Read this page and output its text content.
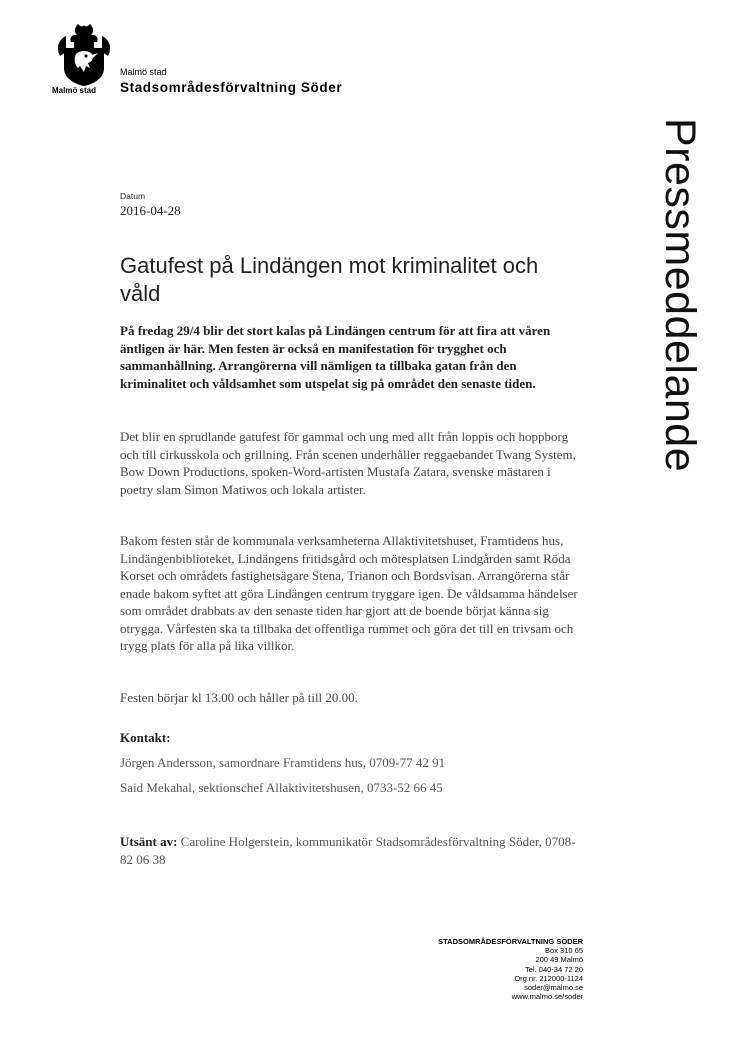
Malmö stad
Malmö stad
Stadsområdesförvaltning Söder
Pressmeddelande
Datum
2016-04-28
Gatufest på Lindängen mot kriminalitet och våld

På fredag 29/4 blir det stort kalas på Lindängen centrum för att fira att våren äntligen är här. Men festen är också en manifestation för trygghet och sammanhållning. Arrangörerna vill nämligen ta tillbaka gatan från den kriminalitet och våldsamhet som utspelat sig på området den senaste tiden.

Det blir en sprudlande gatufest för gammal och ung med allt från loppis och hoppborg och till cirkusskola och grillning. Från scenen underhåller reggaebandet Twang System, Bow Down Productions, spoken-Word-artisten Mustafa Zatara, svenske mästaren i poetry slam Simon Matiwos och lokala artister.

Bakom festen står de kommunala verksamheterna Allaktivitetshuset, Framtidens hus, Lindängenbiblioteket, Lindängens fritidsgård och mötesplatsen Lindgården samt Röda Korset och områdets fastighetsägare Stena, Trianon och Bordsvisan. Arrangörerna står enade bakom syftet att göra Lindängen centrum tryggare igen. De våldsamma händelser som området drabbats av den senaste tiden har gjort att de boende börjat känna sig otrygga. Vårfesten ska ta tillbaka det offentliga rummet och göra det till en trivsam och trygg plats för alla på lika villkor.

Festen börjar kl 13.00 och håller på till 20.00.

Kontakt:
Jörgen Andersson, samordnare Framtidens hus, 0709-77 42 91
Said Mekahal, sektionschef Allaktivitetshusen, 0733-52 66 45
Utsänt av: Caroline Holgerstein, kommunikatör Stadsområdesförvaltning Söder, 0708-82 06 38
STADSOMRÅDESFÖRVALTNING SÖDER
Box 310 65
200 49 Malmö
Tel. 040-34 72 20
Org.nr. 212000-1124
soder@malmo.se
www.malmo.se/soder
